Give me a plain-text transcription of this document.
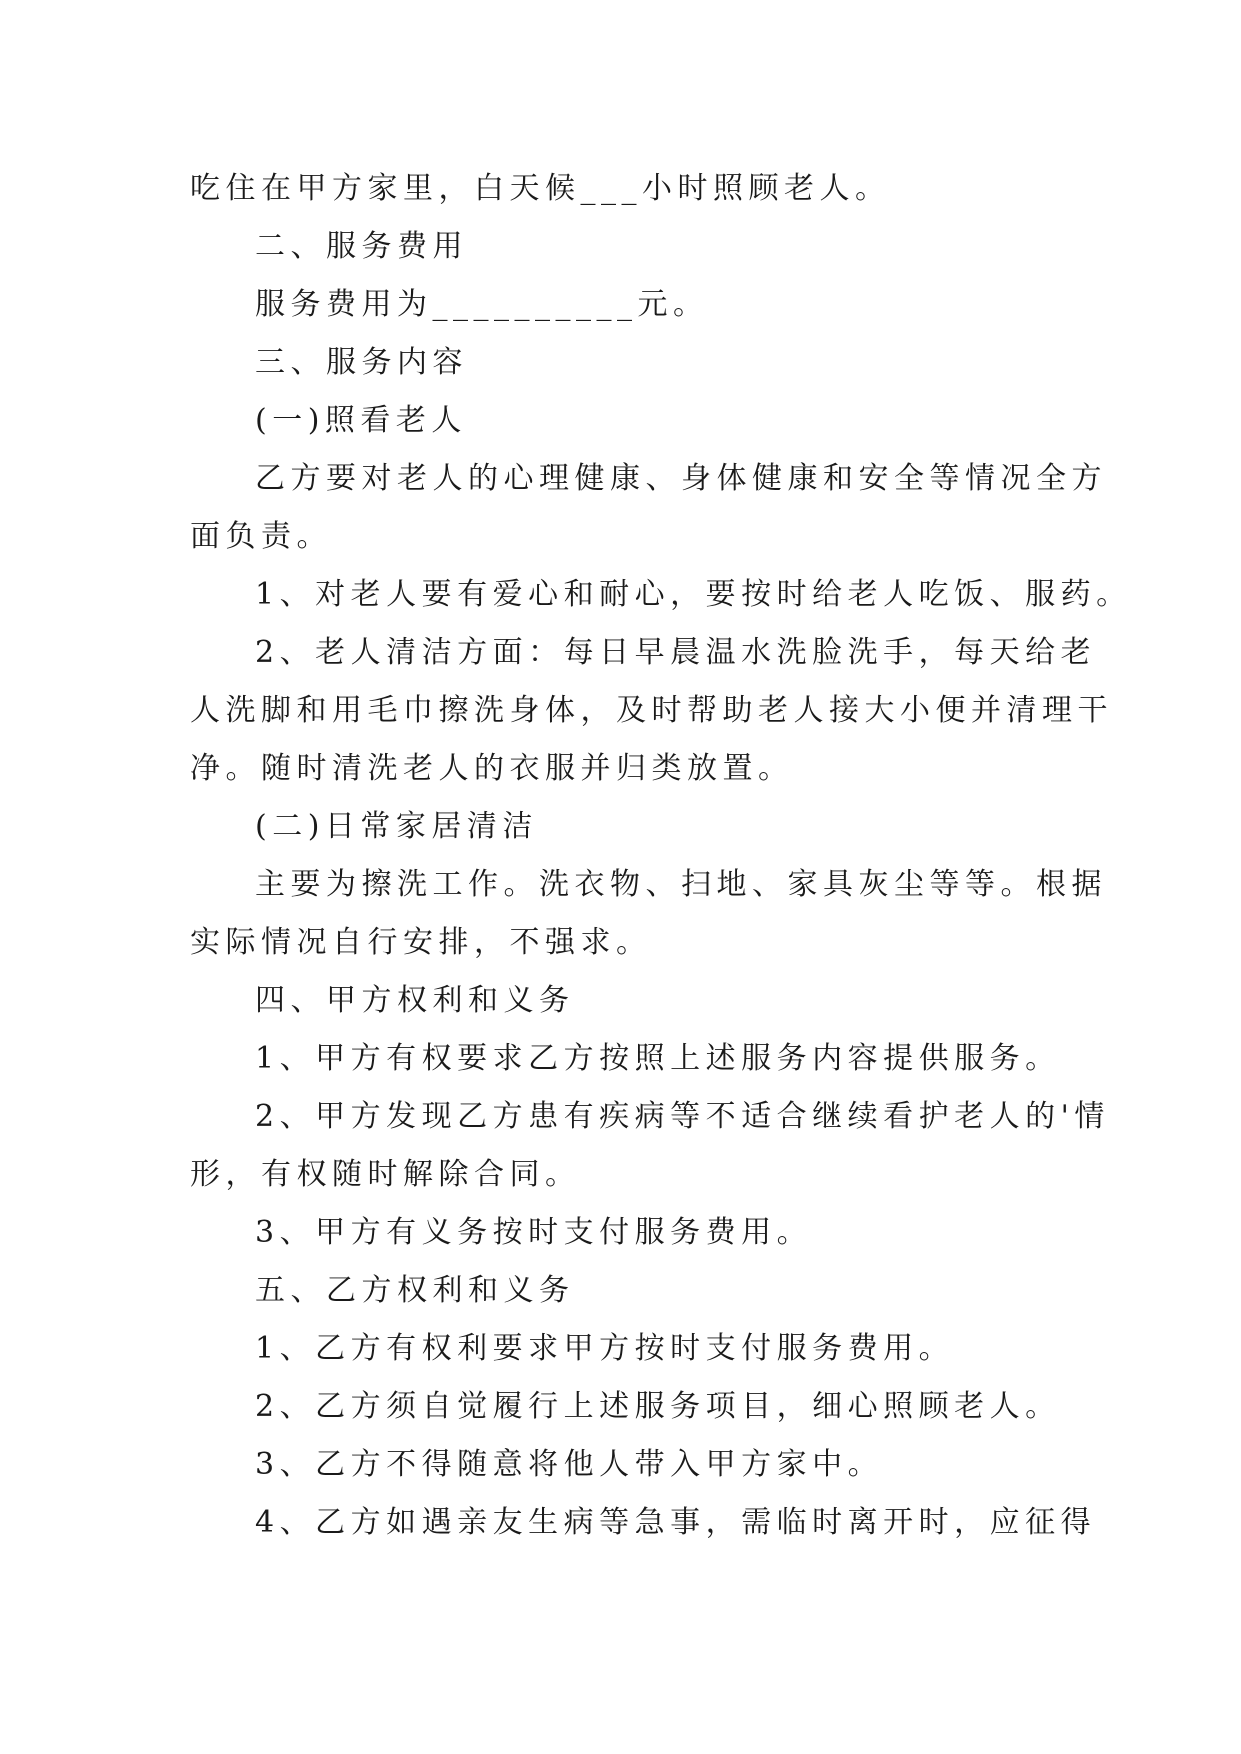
吃住在甲方家里，白天候___小时照顾老人。
二、服务费用
服务费用为__________元。
三、服务内容
(一)照看老人
乙方要对老人的心理健康、身体健康和安全等情况全方
面负责。
1、对老人要有爱心和耐心，要按时给老人吃饭、服药。
2、老人清洁方面：每日早晨温水洗脸洗手，每天给老
人洗脚和用毛巾擦洗身体，及时帮助老人接大小便并清理干
净。随时清洗老人的衣服并归类放置。
(二)日常家居清洁
主要为擦洗工作。洗衣物、扫地、家具灰尘等等。根据
实际情况自行安排，不强求。
四、甲方权利和义务
1、甲方有权要求乙方按照上述服务内容提供服务。
2、甲方发现乙方患有疾病等不适合继续看护老人的'情
形，有权随时解除合同。
3、甲方有义务按时支付服务费用。
五、乙方权利和义务
1、乙方有权利要求甲方按时支付服务费用。
2、乙方须自觉履行上述服务项目，细心照顾老人。
3、乙方不得随意将他人带入甲方家中。
4、乙方如遇亲友生病等急事，需临时离开时，应征得
